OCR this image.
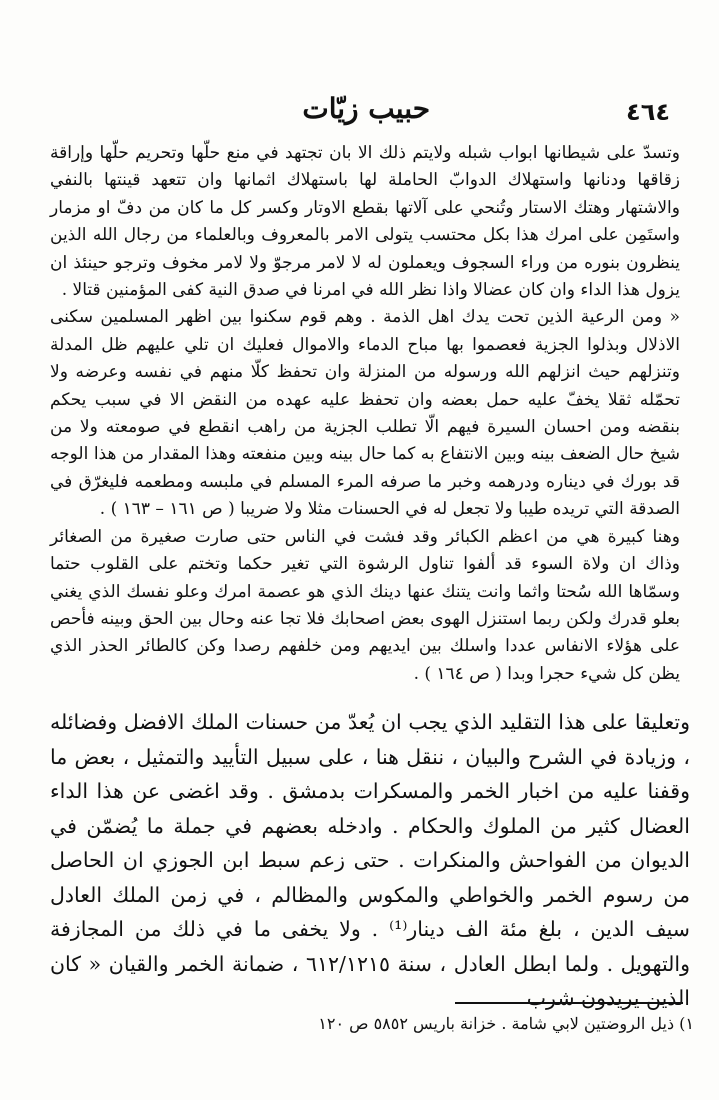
٤٦٤
حبيب زيّات

وتسدّ على شيطانها ابواب شبله ولايتم ذلك الا بان تجتهد في منع حلّها وتحريم حلّها وإراقة زقاقها ودنانها واستهلاك الدوابّ الحاملة لها باستهلاك اثمانها وان تتعهد قينتها بالنفي والاشتهار وهتك الاستار وتُنحي على آلاتها بقطع الاوتار وكسر كل ما كان من دفّ او مزمار واستَمِن على امرك هذا بكل محتسب يتولى الامر بالمعروف وبالعلماء من رجال الله الذين ينظرون بنوره من وراء السجوف ويعملون له لا لامر مرجوّ ولا لامر مخوف وترجو حينئذ ان يزول هذا الداء وان كان عضالا واذا نظر الله في امرنا في صدق النية كفى المؤمنين قتالا .

« ومن الرعية الذين تحت يدك اهل الذمة . وهم قوم سكنوا بين اظهر المسلمين سكنى الاذلال وبذلوا الجزية فعصموا بها مباح الدماء والاموال فعليك ان تلي عليهم ظل المدلة وتنزلهم حيث انزلهم الله ورسوله من المنزلة وان تحفظ كلّا منهم في نفسه وعرضه ولا تحمّله ثقلا يخفّ عليه حمل بعضه وان تحفظ عليه عهده من النقض الا في سبب يحكم بنقضه ومن احسان السيرة فيهم الّا تطلب الجزية من راهب انقطع في صومعته ولا من شيخ حال الضعف بينه وبين الانتفاع به كما حال بينه وبين منفعته وهذا المقدار من هذا الوجه قد بورك في ديناره ودرهمه وخبر ما صرفه المرء المسلم في ملبسه ومطعمه فليغرّق في الصدقة التي تريده طيبا ولا تجعل له في الحسنات مثلا ولا ضريبا ( ص ١٦١ – ١٦٣ ) .

وهنا كبيرة هي من اعظم الكبائر وقد فشت في الناس حتى صارت صغيرة من الصغائر وذاك ان ولاة السوء قد ألفوا تناول الرشوة التي تغير حكما وتختم على القلوب حتما وسمّاها الله سُحتا واثما وانت يتنك عنها دينك الذي هو عصمة امرك وعلو نفسك الذي يغني بعلو قدرك ولكن ربما استنزل الهوى بعض اصحابك فلا تجا عنه وحال بين الحق وبينه فأحص على هؤلاء الانفاس عددا واسلك بين ايديهم ومن خلفهم رصدا وكن كالطائر الحذر الذي يظن كل شيء حجرا وبدا ( ص ١٦٤ ) .

وتعليقا على هذا التقليد الذي يجب ان يُعدّ من حسنات الملك الافضل وفضائله ، وزيادة في الشرح والبيان ، ننقل هنا ، على سبيل التأييد والتمثيل ، بعض ما وقفنا عليه من اخبار الخمر والمسكرات بدمشق . وقد اغضى عن هذا الداء العضال كثير من الملوك والحكام . وادخله بعضهم في جملة ما يُضمّن في الديوان من الفواحش والمنكرات . حتى زعم سبط ابن الجوزي ان الحاصل من رسوم الخمر والخواطي والمكوس والمظالم ، في زمن الملك العادل سيف الدين ، بلغ مئة الف دينار⁽¹⁾ . ولا يخفى ما في ذلك من المجازفة والتهويل . ولما ابطل العادل ، سنة ٦١٢/١٢١٥ ، ضمانة الخمر والقيان « كان الذين يريدون شرب

١) ذيل الروضتين لابي شامة . خزانة باريس ٥٨٥٢ ص ١٢٠
